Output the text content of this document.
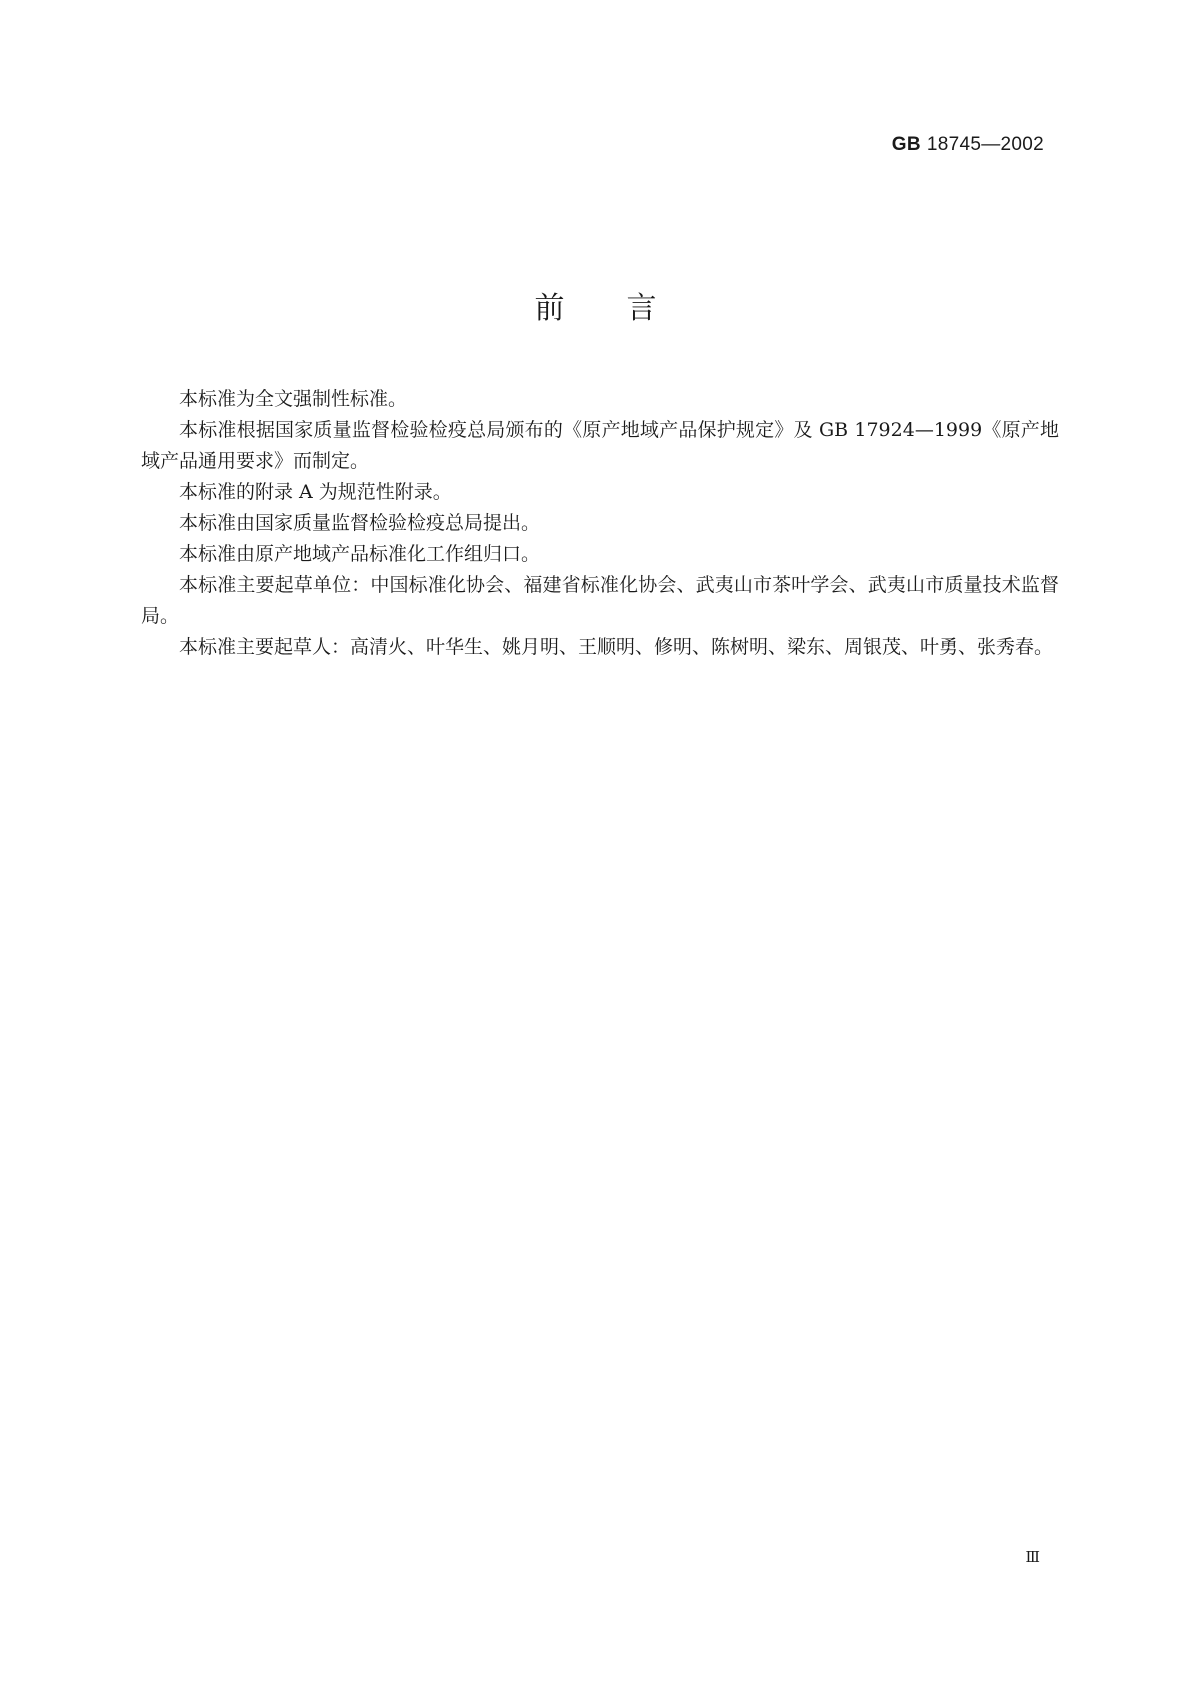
GB 18745—2002
前言

本标准为全文强制性标准。

本标准根据国家质量监督检验检疫总局颁布的《原产地域产品保护规定》及 GB 17924—1999《原产地域产品通用要求》而制定。

本标准的附录 A 为规范性附录。

本标准由国家质量监督检验检疫总局提出。

本标准由原产地域产品标准化工作组归口。

本标准主要起草单位：中国标准化协会、福建省标准化协会、武夷山市茶叶学会、武夷山市质量技术监督局。

本标准主要起草人：高清火、叶华生、姚月明、王顺明、修明、陈树明、梁东、周银茂、叶勇、张秀春。

Ⅲ
